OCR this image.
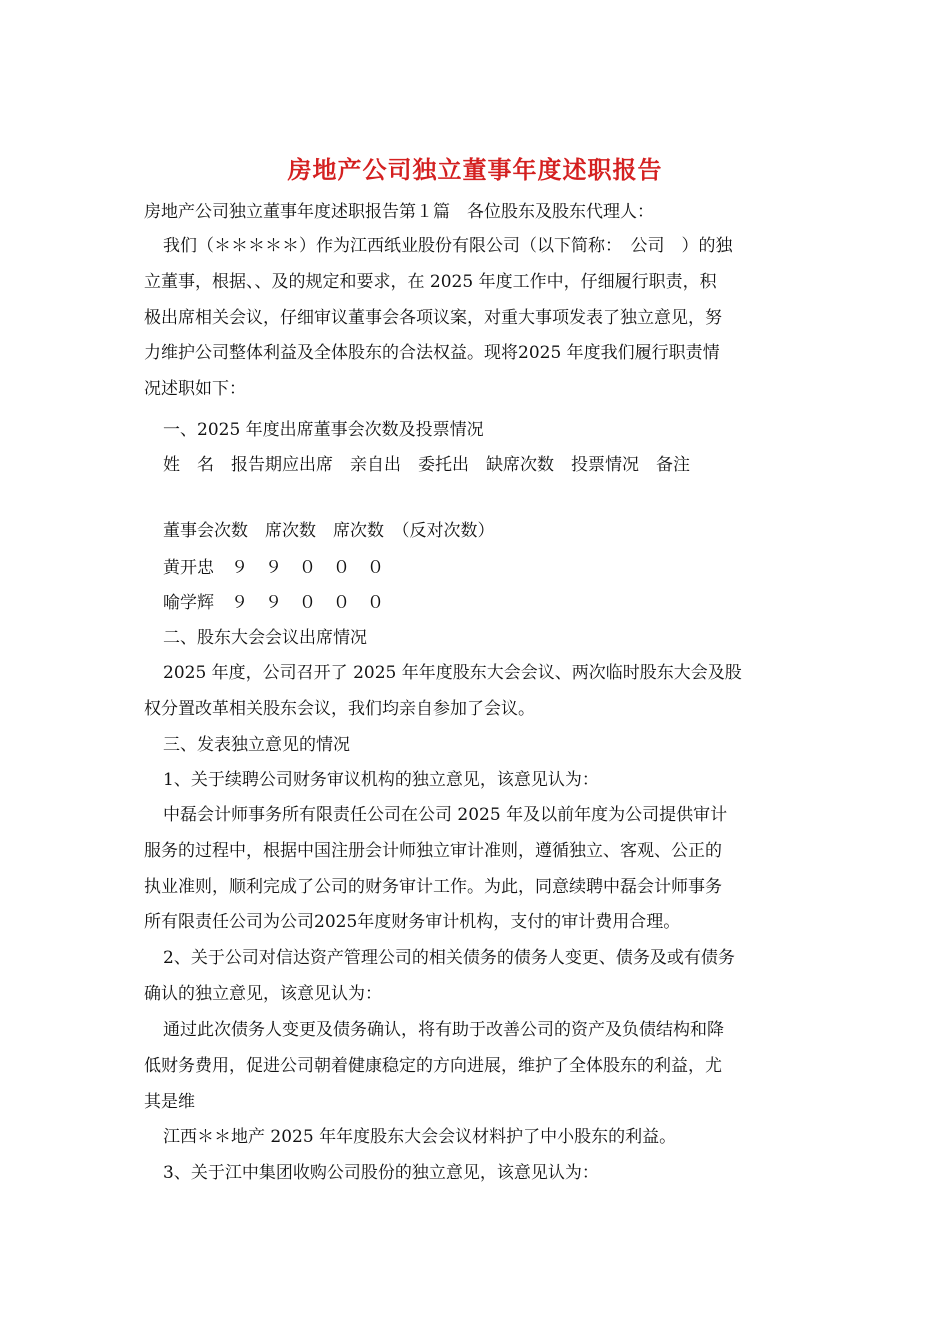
房地产公司独立董事年度述职报告
房地产公司独立董事年度述职报告第１篇　各位股东及股东代理人：
我们（＊＊＊＊＊）作为江西纸业股份有限公司（以下简称：　公司　）的独
立董事，根据、、及的规定和要求，在 2025 年度工作中，仔细履行职责，积
极出席相关会议，仔细审议董事会各项议案，对重大事项发表了独立意见，努
力维护公司整体利益及全体股东的合法权益。现将2025 年度我们履行职责情
况述职如下：
一、2025 年度出席董事会次数及投票情况
姓　名　报告期应出席　亲自出　委托出　缺席次数　投票情况　备注
董事会次数　席次数　席次数　（反对次数）
黄开忠　９　９　０　０　０
喻学辉　９　９　０　０　０
二、股东大会会议出席情况
2025 年度，公司召开了 2025 年年度股东大会会议、两次临时股东大会及股
权分置改革相关股东会议，我们均亲自参加了会议。
三、发表独立意见的情况
1、关于续聘公司财务审议机构的独立意见，该意见认为：
中磊会计师事务所有限责任公司在公司 2025 年及以前年度为公司提供审计
服务的过程中，根据中国注册会计师独立审计准则，遵循独立、客观、公正的
执业准则，顺利完成了公司的财务审计工作。为此，同意续聘中磊会计师事务
所有限责任公司为公司2025年度财务审计机构，支付的审计费用合理。
2、关于公司对信达资产管理公司的相关债务的债务人变更、债务及或有债务
确认的独立意见，该意见认为：
通过此次债务人变更及债务确认，将有助于改善公司的资产及负债结构和降
低财务费用，促进公司朝着健康稳定的方向进展，维护了全体股东的利益，尤
其是维
江西＊＊地产 2025 年年度股东大会会议材料护了中小股东的利益。
3、关于江中集团收购公司股份的独立意见，该意见认为：
